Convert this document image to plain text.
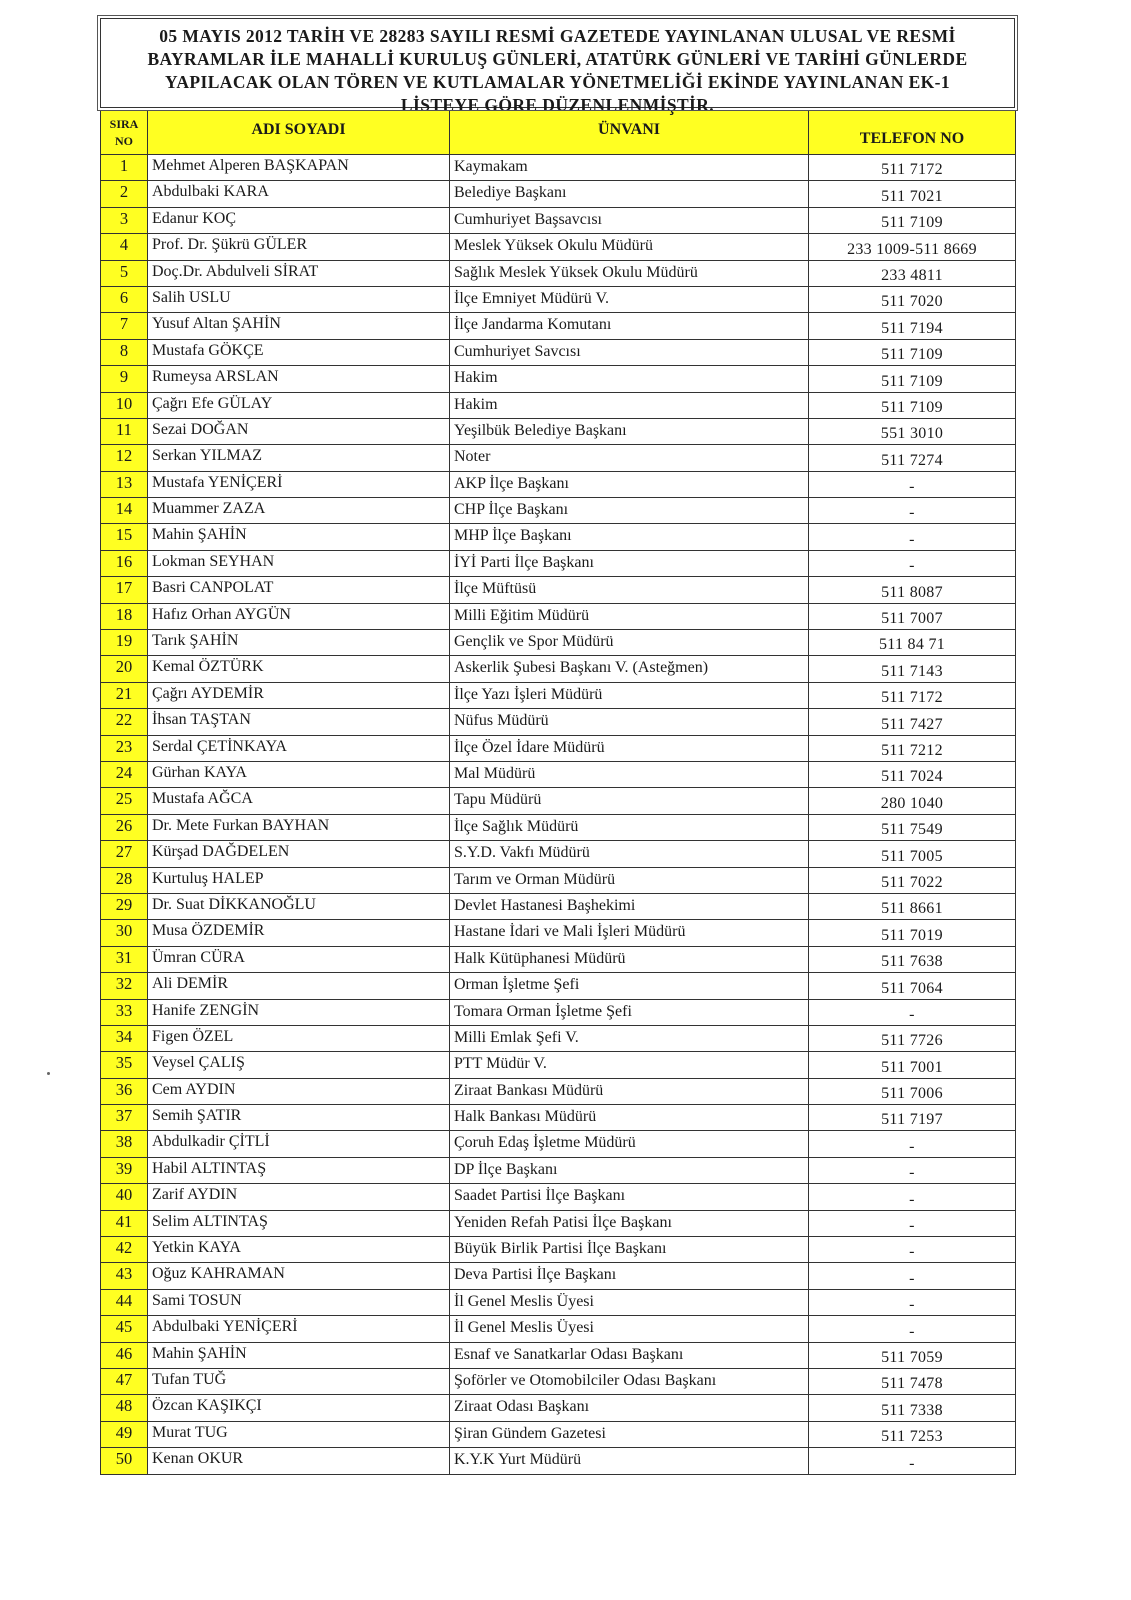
05 MAYIS 2012 TARİH VE 28283 SAYILI RESMİ GAZETEDE YAYINLANAN ULUSAL VE RESMİ
BAYRAMLAR İLE MAHALLİ KURULUŞ GÜNLERİ, ATATÜRK GÜNLERİ VE TARİHİ GÜNLERDE
YAPILACAK OLAN TÖREN VE KUTLAMALAR YÖNETMELİĞİ EKİNDE YAYINLANAN EK-1
LİSTEYE GÖRE DÜZENLENMİŞTİR.
SIRA
NO	ADI SOYADI	ÜNVANI	TELEFON NO
1	Mehmet Alperen BAŞKAPAN	Kaymakam	511 7172
2	Abdulbaki KARA	Belediye Başkanı	511 7021
3	Edanur KOÇ	Cumhuriyet Başsavcısı	511 7109
4	Prof. Dr. Şükrü GÜLER	Meslek Yüksek Okulu Müdürü	233 1009-511 8669
5	Doç.Dr. Abdulveli SİRAT	Sağlık Meslek Yüksek Okulu Müdürü	233 4811
6	Salih USLU	İlçe Emniyet Müdürü V.	511 7020
7	Yusuf Altan ŞAHİN	İlçe Jandarma Komutanı	511 7194
8	Mustafa GÖKÇE	Cumhuriyet Savcısı	511 7109
9	Rumeysa ARSLAN	Hakim	511 7109
10	Çağrı Efe GÜLAY	Hakim	511 7109
11	Sezai DOĞAN	Yeşilbük Belediye Başkanı	551 3010
12	Serkan YILMAZ	Noter	511 7274
13	Mustafa YENİÇERİ	AKP İlçe Başkanı	-
14	Muammer ZAZA	CHP İlçe Başkanı	-
15	Mahin ŞAHİN	MHP İlçe Başkanı	-
16	Lokman SEYHAN	İYİ Parti İlçe Başkanı	-
17	Basri CANPOLAT	İlçe Müftüsü	511 8087
18	Hafız Orhan AYGÜN	Milli Eğitim Müdürü	511 7007
19	Tarık ŞAHİN	Gençlik ve Spor Müdürü	511 84 71
20	Kemal ÖZTÜRK	Askerlik Şubesi Başkanı V. (Asteğmen)	511 7143
21	Çağrı AYDEMİR	İlçe Yazı İşleri Müdürü	511 7172
22	İhsan TAŞTAN	Nüfus Müdürü	511 7427
23	Serdal ÇETİNKAYA	İlçe Özel İdare Müdürü	511 7212
24	Gürhan KAYA	Mal Müdürü	511 7024
25	Mustafa AĞCA	Tapu Müdürü	280 1040
26	Dr. Mete Furkan BAYHAN	İlçe Sağlık Müdürü	511 7549
27	Kürşad DAĞDELEN	S.Y.D. Vakfı Müdürü	511 7005
28	Kurtuluş HALEP	Tarım ve Orman Müdürü	511 7022
29	Dr. Suat DİKKANOĞLU	Devlet Hastanesi Başhekimi	511 8661
30	Musa ÖZDEMİR	Hastane İdari ve Mali İşleri Müdürü	511 7019
31	Ümran CÜRA	Halk Kütüphanesi Müdürü	511 7638
32	Ali DEMİR	Orman İşletme Şefi	511 7064
33	Hanife ZENGİN	Tomara Orman İşletme Şefi	-
34	Figen ÖZEL	Milli Emlak Şefi V.	511 7726
35	Veysel ÇALIŞ	PTT Müdür V.	511 7001
36	Cem AYDIN	Ziraat Bankası Müdürü	511 7006
37	Semih ŞATIR	Halk Bankası Müdürü	511 7197
38	Abdulkadir ÇİTLİ	Çoruh Edaş İşletme Müdürü	-
39	Habil ALTINTAŞ	DP İlçe Başkanı	-
40	Zarif AYDIN	Saadet Partisi İlçe Başkanı	-
41	Selim ALTINTAŞ	Yeniden Refah Patisi İlçe Başkanı	-
42	Yetkin KAYA	Büyük Birlik Partisi İlçe Başkanı	-
43	Oğuz KAHRAMAN	Deva Partisi İlçe Başkanı	-
44	Sami TOSUN	İl Genel Meslis Üyesi	-
45	Abdulbaki YENİÇERİ	İl Genel Meslis Üyesi	-
46	Mahin ŞAHİN	Esnaf ve Sanatkarlar Odası Başkanı	511 7059
47	Tufan TUĞ	Şoförler ve Otomobilciler Odası Başkanı	511 7478
48	Özcan KAŞIKÇI	Ziraat Odası Başkanı	511 7338
49	Murat TUG	Şiran Gündem Gazetesi	511 7253
50	Kenan OKUR	K.Y.K Yurt Müdürü	-
